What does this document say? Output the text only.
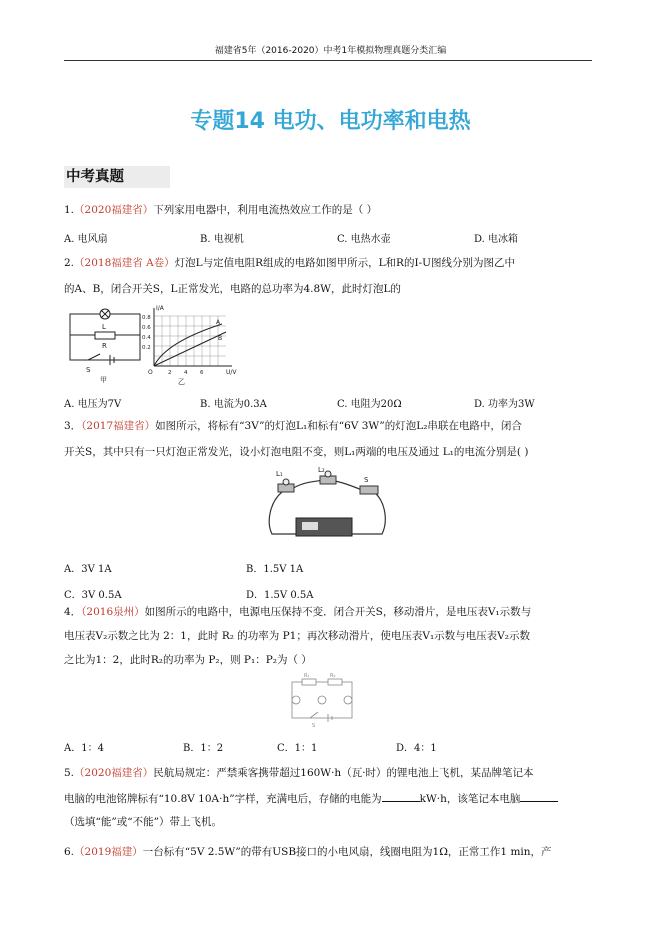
福建省5年（2016-2020）中考1年模拟物理真题分类汇编
专题14 电功、电功率和电热
中考真题
1.（2020福建省）下列家用电器中，利用电流热效应工作的是（ ）
A. 电风扇	B. 电视机	C. 电热水壶	D. 电冰箱
2.（2018福建省 A卷）灯泡L与定值电阻R组成的电路如图甲所示，L和R的I-U图线分别为图乙中
的A、B，闭合开关S，L正常发光，电路的总功率为4.8W，此时灯泡L的
L
R
S
甲
I/A
U/V
O
0.8
0.6
0.4
0.2
2 4 6
A
B
乙
A. 电压为7V	B. 电流为0.3A	C. 电阻为20Ω	D. 功率为3W
3．（2017福建省）如图所示，将标有“3V”的灯泡L₁和标有“6V 3W”的灯泡L₂串联在电路中，闭合
开关S，其中只有一只灯泡正常发光，设小灯泡电阻不变，则L₁两端的电压及通过 L₁的电流分别是( )
L₁	L₂
S
A．3V 1A	B．1.5V 1A
C．3V 0.5A	D．1.5V 0.5A
4．（2016泉州）如图所示的电路中，电源电压保持不变．闭合开关S，移动滑片，是电压表V₁示数与
电压表V₂示数之比为 2：1，此时 R₂ 的功率为 P1；再次移动滑片，使电压表V₁示数与电压表V₂示数
之比为1：2，此时R₂的功率为 P₂，则 P₁：P₂为（ ）
R₁	R₂
S
A．1：4	B．1：2	C．1：1	D．4：1
5.（2020福建省）民航局规定：严禁乘客携带超过160W·h（瓦·时）的锂电池上飞机，某品牌笔记本
电脑的电池铭牌标有“10.8V 10A·h”字样，充满电后，存储的电能为	kW·h，该笔记本电脑
（选填“能”或“不能”）带上飞机。
6.（2019福建）一台标有“5V 2.5W”的带有USB接口的小电风扇，线圈电阻为1Ω，正常工作1 min，产
